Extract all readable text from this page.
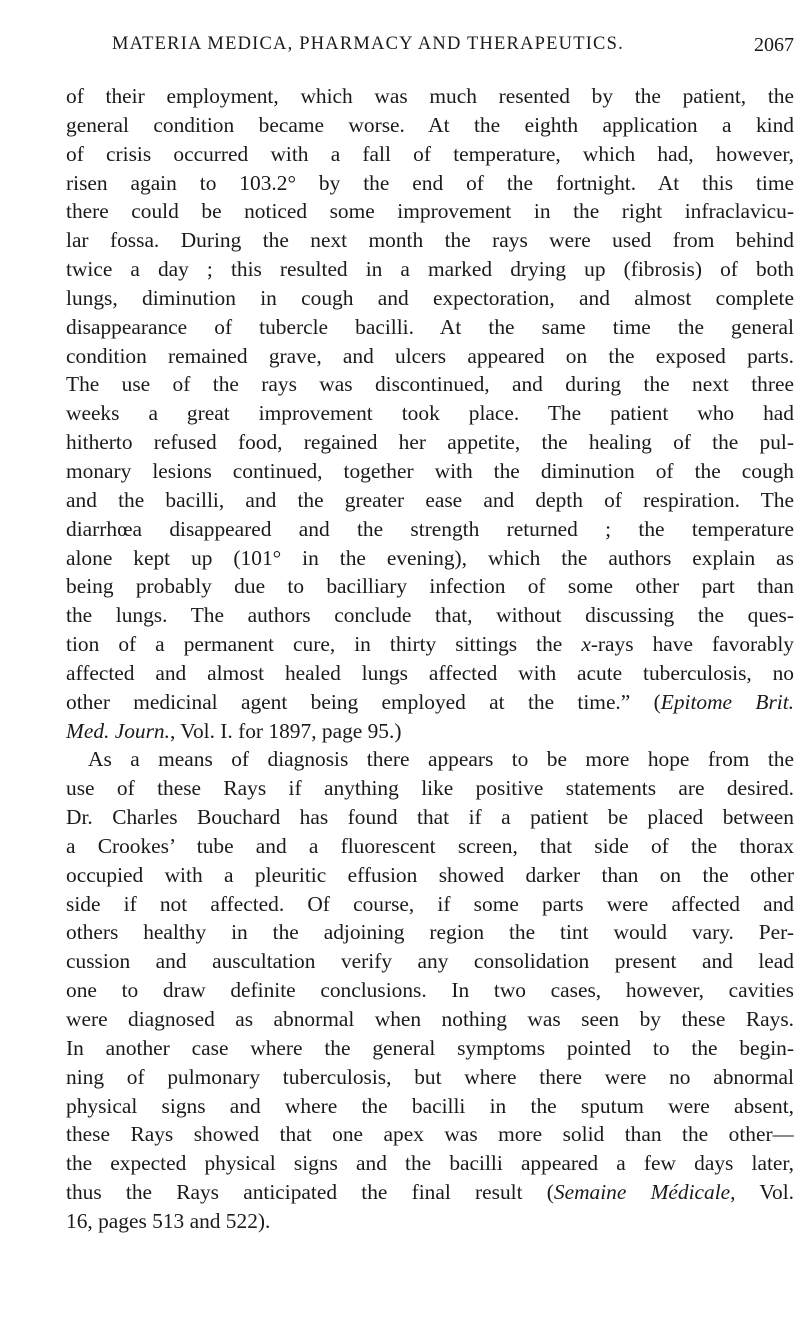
MATERIA MEDICA, PHARMACY AND THERAPEUTICS.	2067
of their employment, which was much resented by the patient, the
general condition became worse. At the eighth application a kind
of crisis occurred with a fall of temperature, which had, however,
risen again to 103.2° by the end of the fortnight. At this time
there could be noticed some improvement in the right infraclavicu-
lar fossa. During the next month the rays were used from behind
twice a day ; this resulted in a marked drying up (fibrosis) of both
lungs, diminution in cough and expectoration, and almost complete
disappearance of tubercle bacilli. At the same time the general
condition remained grave, and ulcers appeared on the exposed parts.
The use of the rays was discontinued, and during the next three
weeks a great improvement took place. The patient who had
hitherto refused food, regained her appetite, the healing of the pul-
monary lesions continued, together with the diminution of the cough
and the bacilli, and the greater ease and depth of respiration. The
diarrhœa disappeared and the strength returned ; the temperature
alone kept up (101° in the evening), which the authors explain as
being probably due to bacilliary infection of some other part than
the lungs. The authors conclude that, without discussing the ques-
tion of a permanent cure, in thirty sittings the x-rays have favorably
affected and almost healed lungs affected with acute tuberculosis, no
other medicinal agent being employed at the time.” (Epitome Brit.
Med. Journ., Vol. I. for 1897, page 95.)
As a means of diagnosis there appears to be more hope from the
use of these Rays if anything like positive statements are desired.
Dr. Charles Bouchard has found that if a patient be placed between
a Crookes’ tube and a fluorescent screen, that side of the thorax
occupied with a pleuritic effusion showed darker than on the other
side if not affected. Of course, if some parts were affected and
others healthy in the adjoining region the tint would vary. Per-
cussion and auscultation verify any consolidation present and lead
one to draw definite conclusions. In two cases, however, cavities
were diagnosed as abnormal when nothing was seen by these Rays.
In another case where the general symptoms pointed to the begin-
ning of pulmonary tuberculosis, but where there were no abnormal
physical signs and where the bacilli in the sputum were absent,
these Rays showed that one apex was more solid than the other—
the expected physical signs and the bacilli appeared a few days later,
thus the Rays anticipated the final result (Semaine Médicale, Vol.
16, pages 513 and 522).
